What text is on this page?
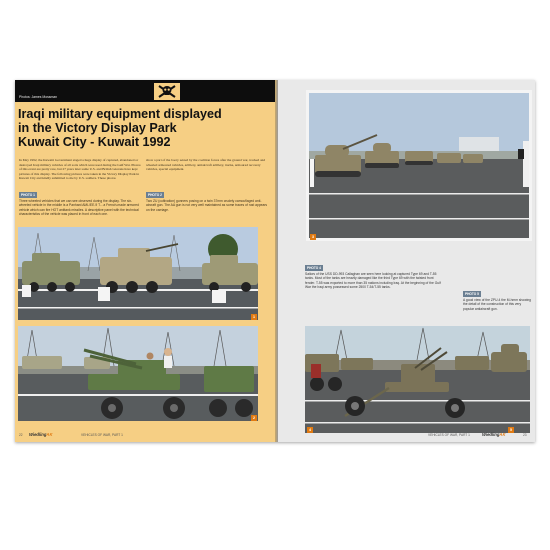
Photos: James Mossman
Iraqi military equipment displayed
in the Victory Display Park
Kuwait City - Kuwait 1992
In May 1992, the Kuwaiti Government staged a huge display of captured, abandoned or destroyed Iraqi military vehicles of all sorts which were used during the Gulf War. Photos of this event are pretty rare, but 27 years later some U.S. and British veterans have kept pictures of this display. The following pictures were taken in the Victory Display Park in Kuwait City and kindly submitted to me by U.S. soldiers. These photos
show a part of the booty seized by the coalition forces after the ground war, tracked and wheeled armoured vehicles, artillery, antiaircraft artillery, trucks, armoured recovery vehicles, special equipment.
PHOTO 1
Three wheeled vehicles that we can see observed during the display. The six-wheeled vehicle in the middle is a Panhard AML/EE-9 T... a French-made armored vehicle which can fire HOT antitank missiles. A descriptive panel with the technical characteristics of the vehicle was placed in front of each one.
PHOTO 2
Two ZU (cultivation) gunners posing on a twin 37mm crudely camouflaged anti-aircraft gun. The AA gun is not very well maintained as some traces of rust appears on the carriage.
1
2
22 WiedlingAK	VEHICLES OF WAR, PART 1
3
PHOTO 4
Sailors of the USS DD-993 Callaghan are seen here looking at captured Type 69 and T-55 tanks. Most of the tanks are heavily damaged like the third Type 69 with the twisted front fender. T-55 was exported to more than 35 nations including Iraq. At the beginning of the Gulf War the Iraqi army possessed some 2500 T-54/T-55 tanks.
PHOTO 5
A good view of the ZPU-4 the M-hmm showing the detail of the construction of this very popular antiaircraft gun.
5
4
VEHICLES OF WAR, PART 1	WiedlingAK	23
